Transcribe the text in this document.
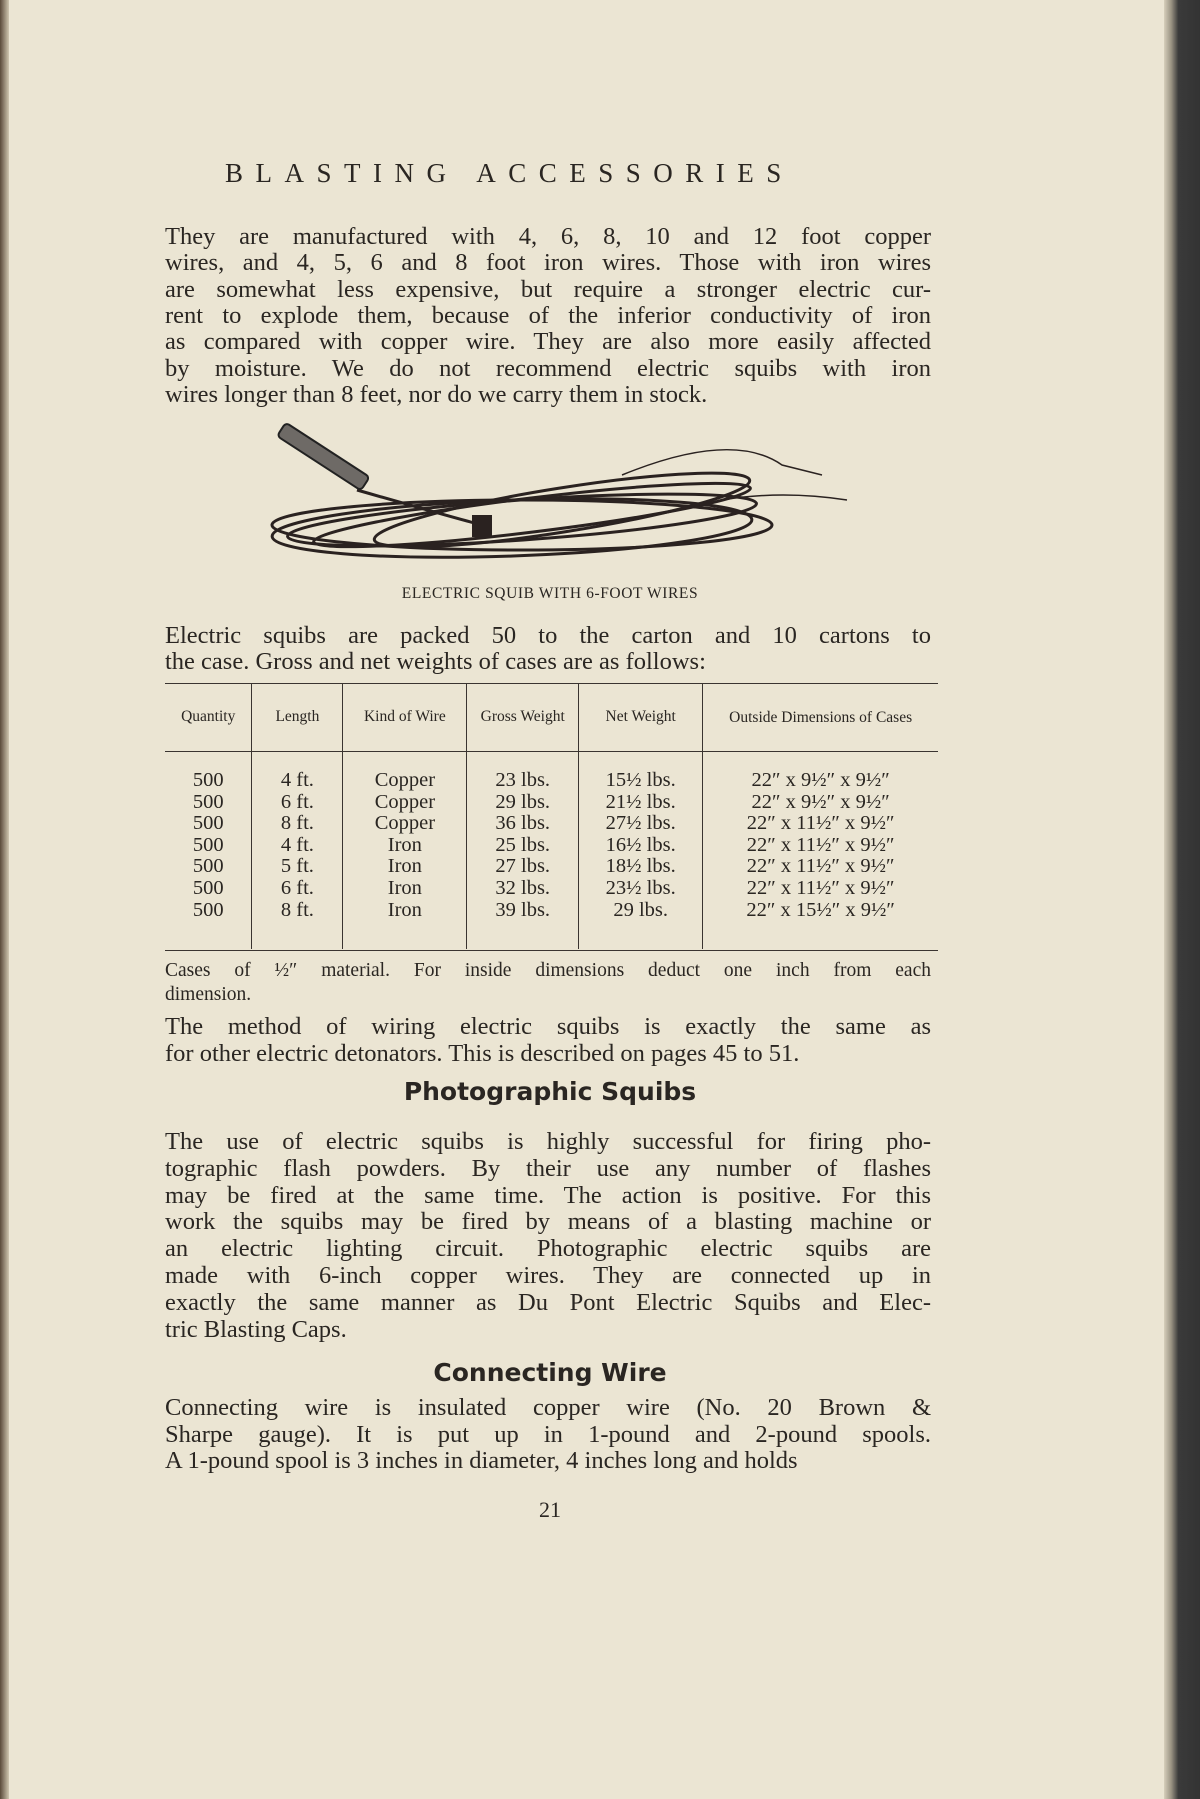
BLASTING ACCESSORIES
They are manufactured with 4, 6, 8, 10 and 12 foot copper
wires, and 4, 5, 6 and 8 foot iron wires. Those with iron wires
are somewhat less expensive, but require a stronger electric cur-
rent to explode them, because of the inferior conductivity of iron
as compared with copper wire. They are also more easily affected
by moisture. We do not recommend electric squibs with iron
wires longer than 8 feet, nor do we carry them in stock.
ELECTRIC SQUIB WITH 6-FOOT WIRES
Electric squibs are packed 50 to the carton and 10 cartons to
the case. Gross and net weights of cases are as follows:
Quantity	Length	Kind of Wire	Gross Weight	Net Weight	Outside Dimensions of Cases
500	4 ft.	Copper	23 lbs.	15½ lbs.	22″ x 9½″ x 9½″
500	6 ft.	Copper	29 lbs.	21½ lbs.	22″ x 9½″ x 9½″
500	8 ft.	Copper	36 lbs.	27½ lbs.	22″ x 11½″ x 9½″
500	4 ft.	Iron	25 lbs.	16½ lbs.	22″ x 11½″ x 9½″
500	5 ft.	Iron	27 lbs.	18½ lbs.	22″ x 11½″ x 9½″
500	6 ft.	Iron	32 lbs.	23½ lbs.	22″ x 11½″ x 9½″
500	8 ft.	Iron	39 lbs.	29 lbs.	22″ x 15½″ x 9½″
Cases of ½″ material. For inside dimensions deduct one inch from each
dimension.
The method of wiring electric squibs is exactly the same as
for other electric detonators. This is described on pages 45 to 51.
Photographic Squibs
The use of electric squibs is highly successful for firing pho-
tographic flash powders. By their use any number of flashes
may be fired at the same time. The action is positive. For this
work the squibs may be fired by means of a blasting machine or
an electric lighting circuit. Photographic electric squibs are
made with 6-inch copper wires. They are connected up in
exactly the same manner as Du Pont Electric Squibs and Elec-
tric Blasting Caps.
Connecting Wire
Connecting wire is insulated copper wire (No. 20 Brown &
Sharpe gauge). It is put up in 1-pound and 2-pound spools.
A 1-pound spool is 3 inches in diameter, 4 inches long and holds
21
